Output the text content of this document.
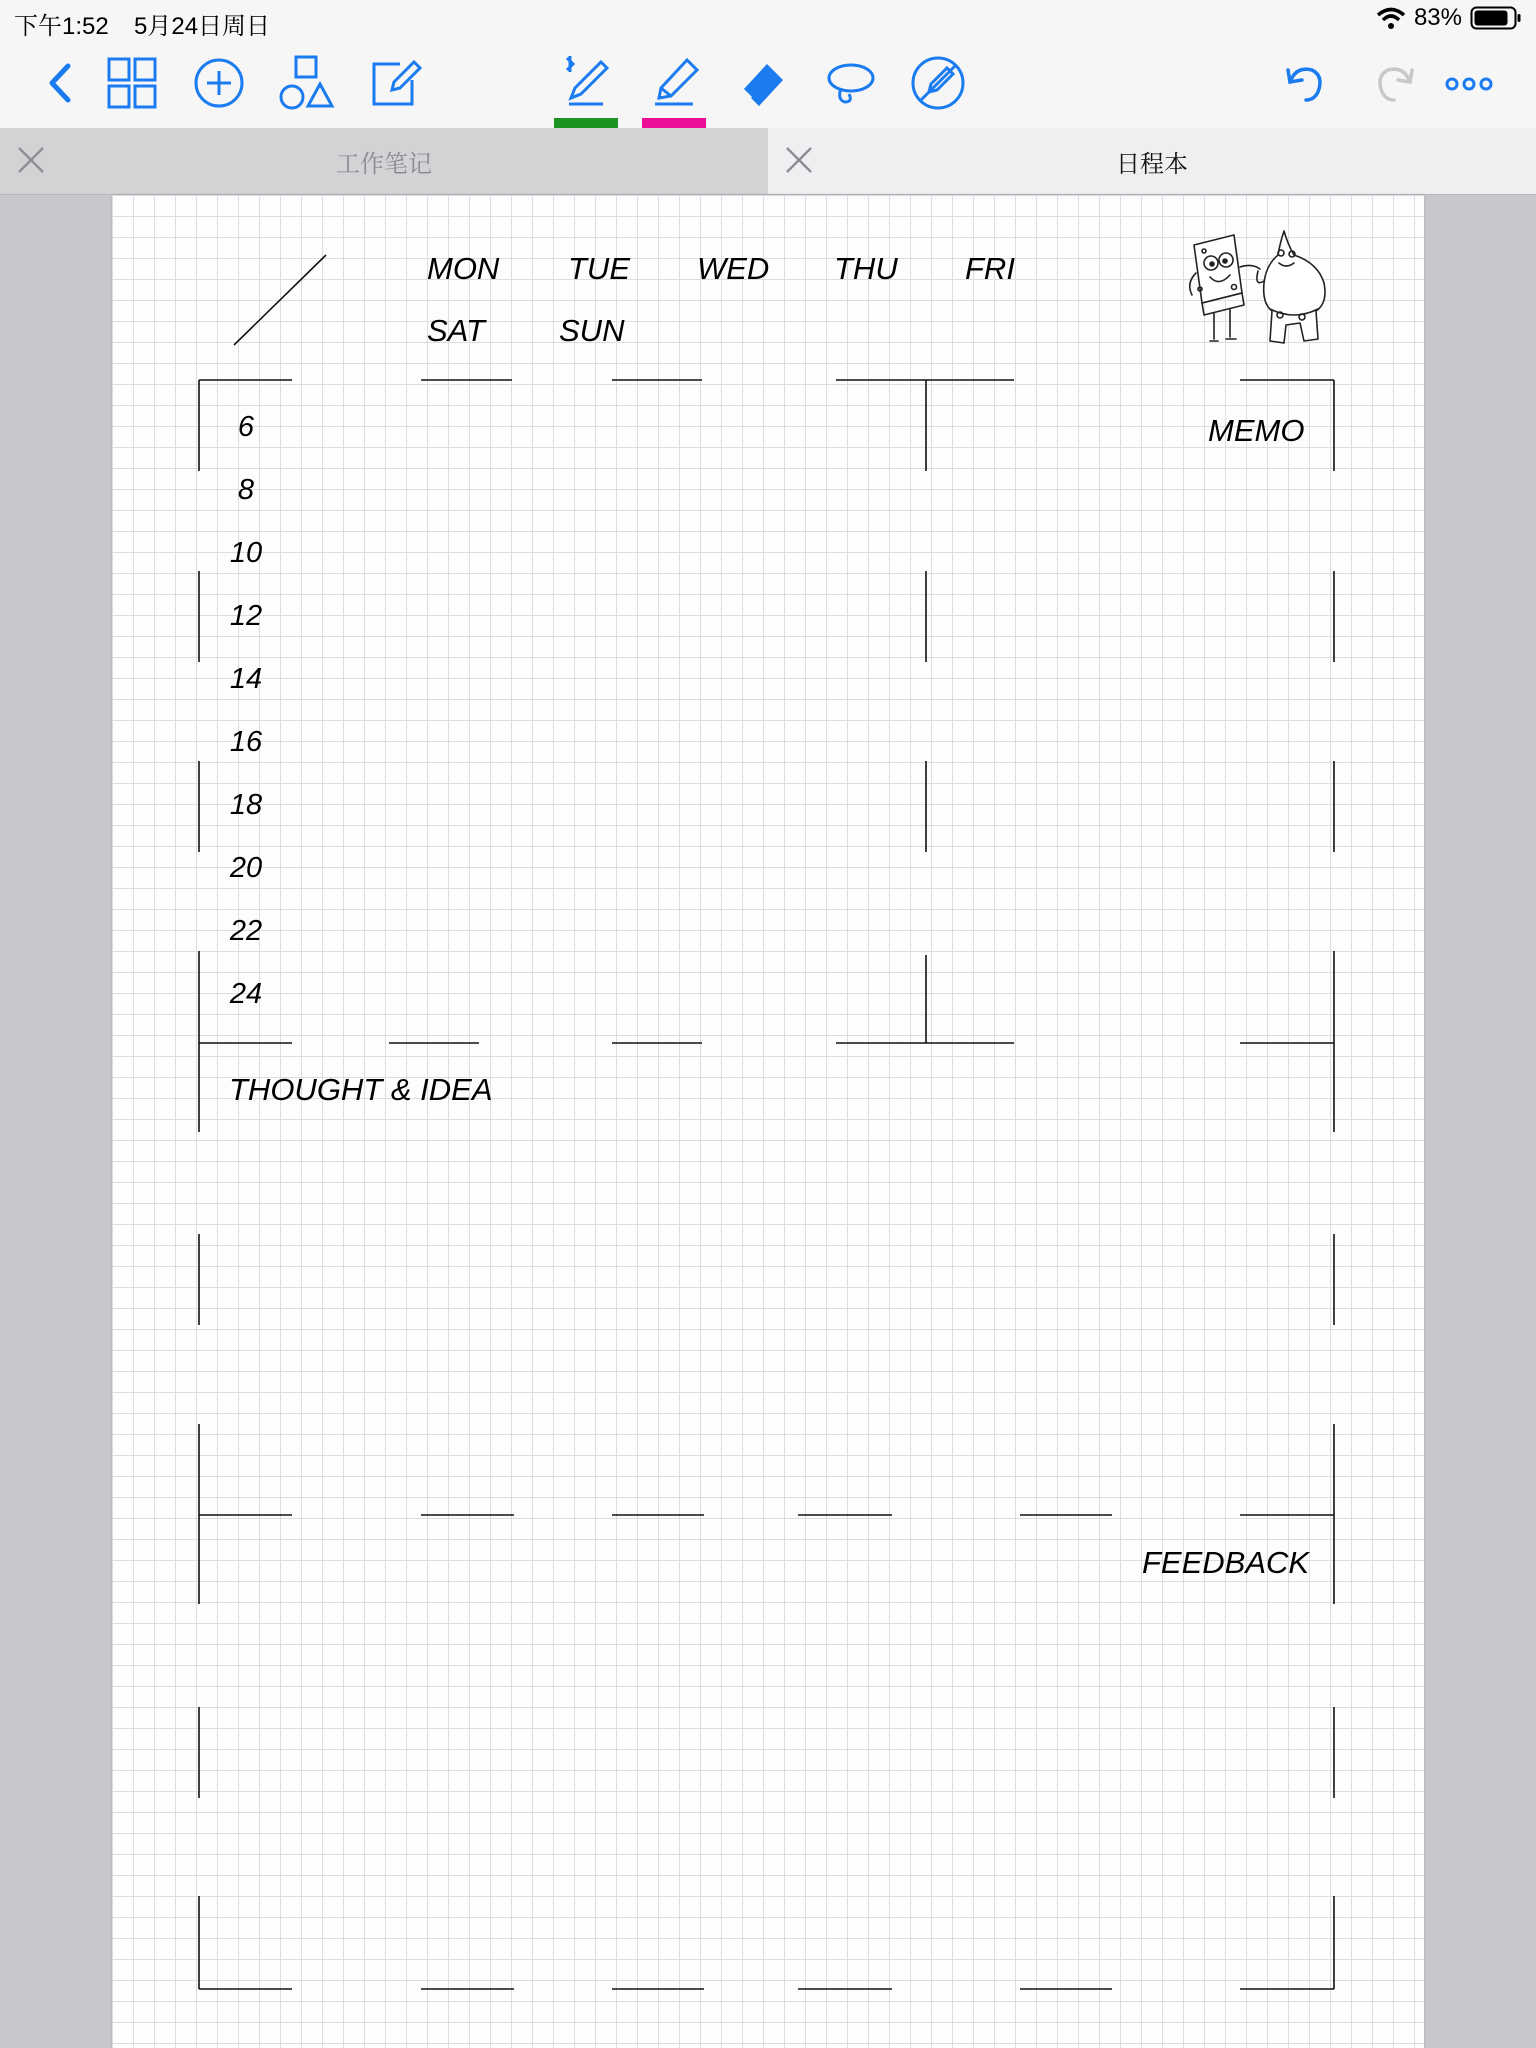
下午1:52 5月24日周日	83%
工作笔记	日程本
MON TUE WED THU FRI
SAT SUN
6
8
10
12
14
16
18
20
22
24
MEMO
THOUGHT & IDEA
FEEDBACK
